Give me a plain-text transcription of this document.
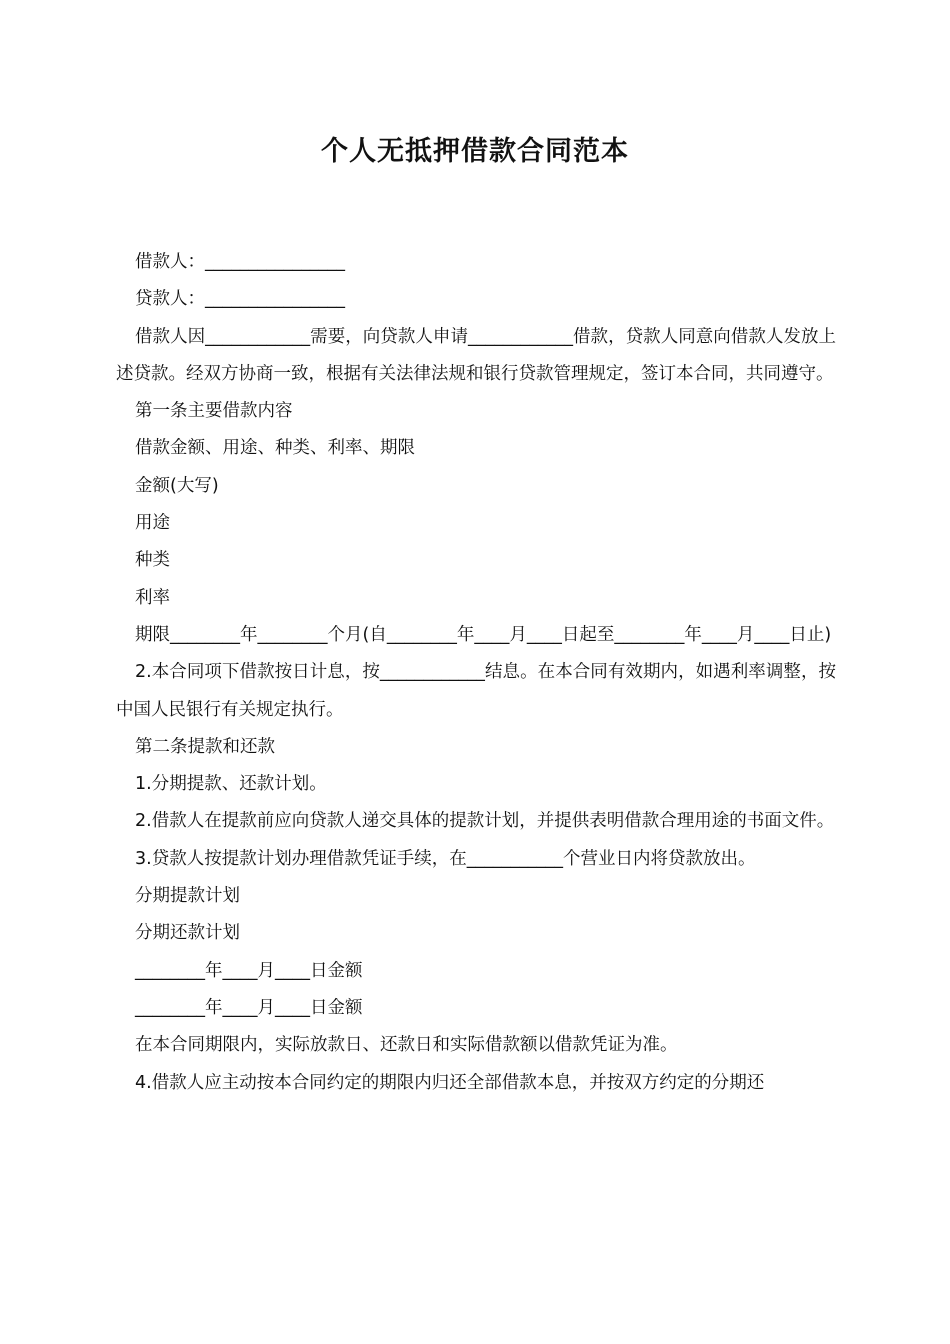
个人无抵押借款合同范本

借款人：________________

贷款人：________________

借款人因____________需要，向贷款人申请____________借款，贷款人同意向借款人发放上述贷款。经双方协商一致，根据有关法律法规和银行贷款管理规定，签订本合同，共同遵守。

第一条主要借款内容

借款金额、用途、种类、利率、期限

金额(大写)

用途

种类

利率

期限________年________个月(自________年____月____日起至________年____月____日止)

2.本合同项下借款按日计息，按____________结息。在本合同有效期内，如遇利率调整，按中国人民银行有关规定执行。

第二条提款和还款

1.分期提款、还款计划。

2.借款人在提款前应向贷款人递交具体的提款计划，并提供表明借款合理用途的书面文件。

3.贷款人按提款计划办理借款凭证手续，在___________个营业日内将贷款放出。

分期提款计划

分期还款计划

________年____月____日金额

________年____月____日金额

在本合同期限内，实际放款日、还款日和实际借款额以借款凭证为准。

4.借款人应主动按本合同约定的期限内归还全部借款本息，并按双方约定的分期还
